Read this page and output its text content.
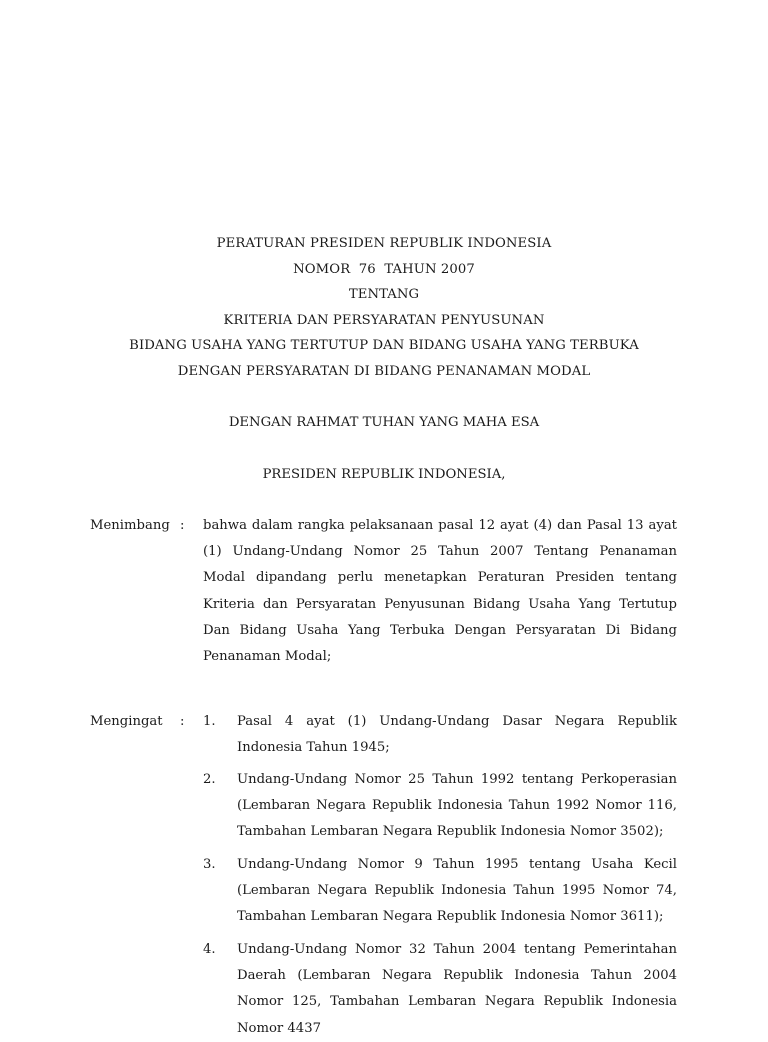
PERATURAN PRESIDEN REPUBLIK INDONESIA
NOMOR  76  TAHUN 2007
TENTANG
KRITERIA DAN PERSYARATAN PENYUSUNAN
BIDANG USAHA YANG TERTUTUP DAN BIDANG USAHA YANG TERBUKA
DENGAN PERSYARATAN DI BIDANG PENANAMAN MODAL
DENGAN RAHMAT TUHAN YANG MAHA ESA
PRESIDEN REPUBLIK INDONESIA,
Menimbang : bahwa dalam rangka pelaksanaan pasal 12 ayat (4) dan Pasal 13 ayat
(1) Undang-Undang Nomor 25 Tahun 2007 Tentang Penanaman
Modal dipandang perlu menetapkan Peraturan Presiden tentang
Kriteria dan Persyaratan Penyusunan Bidang Usaha Yang Tertutup
Dan Bidang Usaha Yang Terbuka Dengan Persyaratan Di Bidang
Penanaman Modal;
Mengingat : 1. Pasal 4 ayat (1) Undang-Undang Dasar Negara Republik
Indonesia Tahun 1945;
2. Undang-Undang Nomor 25 Tahun 1992 tentang Perkoperasian
(Lembaran Negara Republik Indonesia Tahun 1992 Nomor 116,
Tambahan Lembaran Negara Republik Indonesia Nomor 3502);
3. Undang-Undang Nomor 9 Tahun 1995 tentang Usaha Kecil
(Lembaran Negara Republik Indonesia Tahun 1995 Nomor 74,
Tambahan Lembaran Negara Republik Indonesia Nomor 3611);
4. Undang-Undang Nomor 32 Tahun 2004 tentang Pemerintahan
Daerah (Lembaran Negara Republik Indonesia Tahun 2004
Nomor 125, Tambahan Lembaran Negara Republik Indonesia
Nomor 4437
